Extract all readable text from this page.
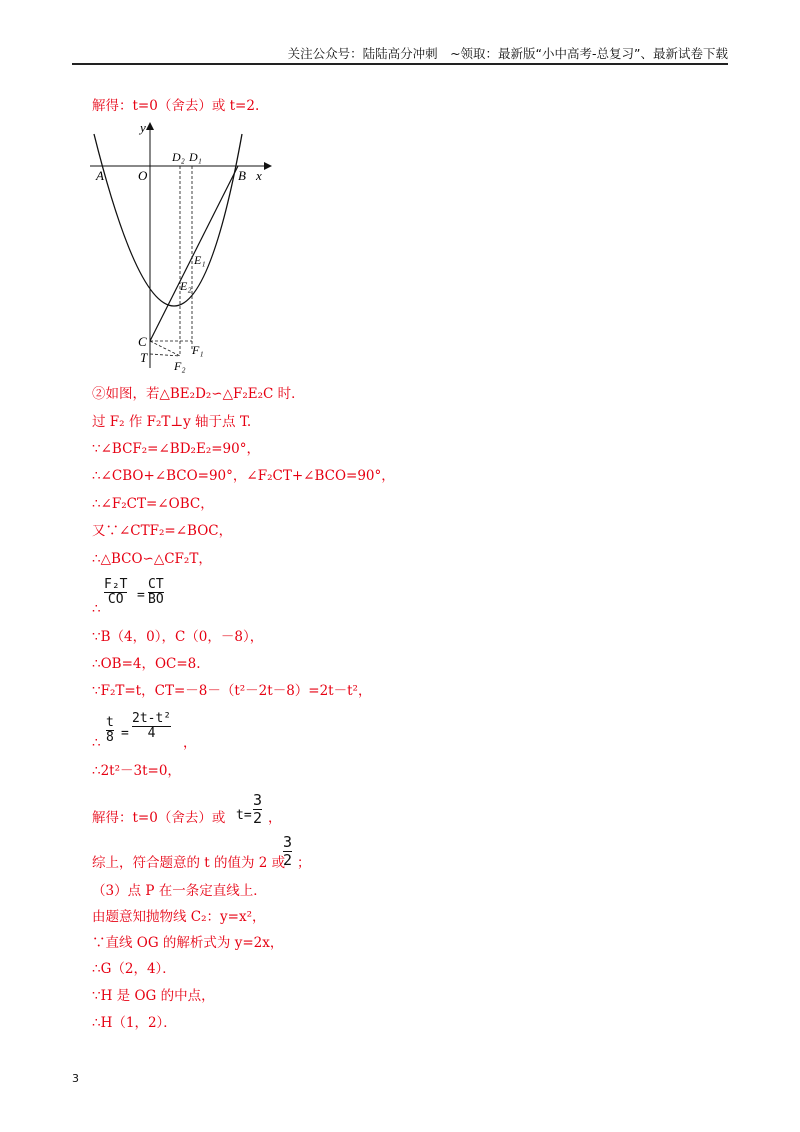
关注公众号：陆陆高分冲刺　~领取：最新版“小中高考-总复习”、最新试卷下载
解得：t=0（舍去）或 t=2.
y
x
A	O	B
D₂ D₁
E₁
E₂
C
T	F₁
F₂
②如图，若△BE₂D₂∽△F₂E₂C 时．
过 F₂ 作 F₂T⊥y 轴于点 T.
∵∠BCF₂=∠BD₂E₂=90°，
∴∠CBO+∠BCO=90°，∠F₂CT+∠BCO=90°，
∴∠F₂CT=∠OBC，
又∵∠CTF₂=∠BOC，
∴△BCO∽△CF₂T，
∴
$\frac{\text{F₂T}}{CO} = \frac{CT}{BO}$
∵B（4，0），C（0，－8），
∴OB=4，OC=8.
∵F₂T=t，CT=－8－（t²－2t－8）=2t－t²，
∴ $\frac{t}{8} = \frac{\text{2t-t²}}{4}$
，
∴2t²－3t=0，
解得：t=0（舍去）或 $t= \frac{3}{2}$ ，
综上，符合题意的 t 的值为 2 或
$\frac{3}{2}$ ；
（3）点 P 在一条定直线上．
由题意知抛物线 C₂：y=x²，
∵直线 OG 的解析式为 y=2x，
∴G（2，4）．
∵H 是 OG 的中点，
∴H（1，2）．
3
